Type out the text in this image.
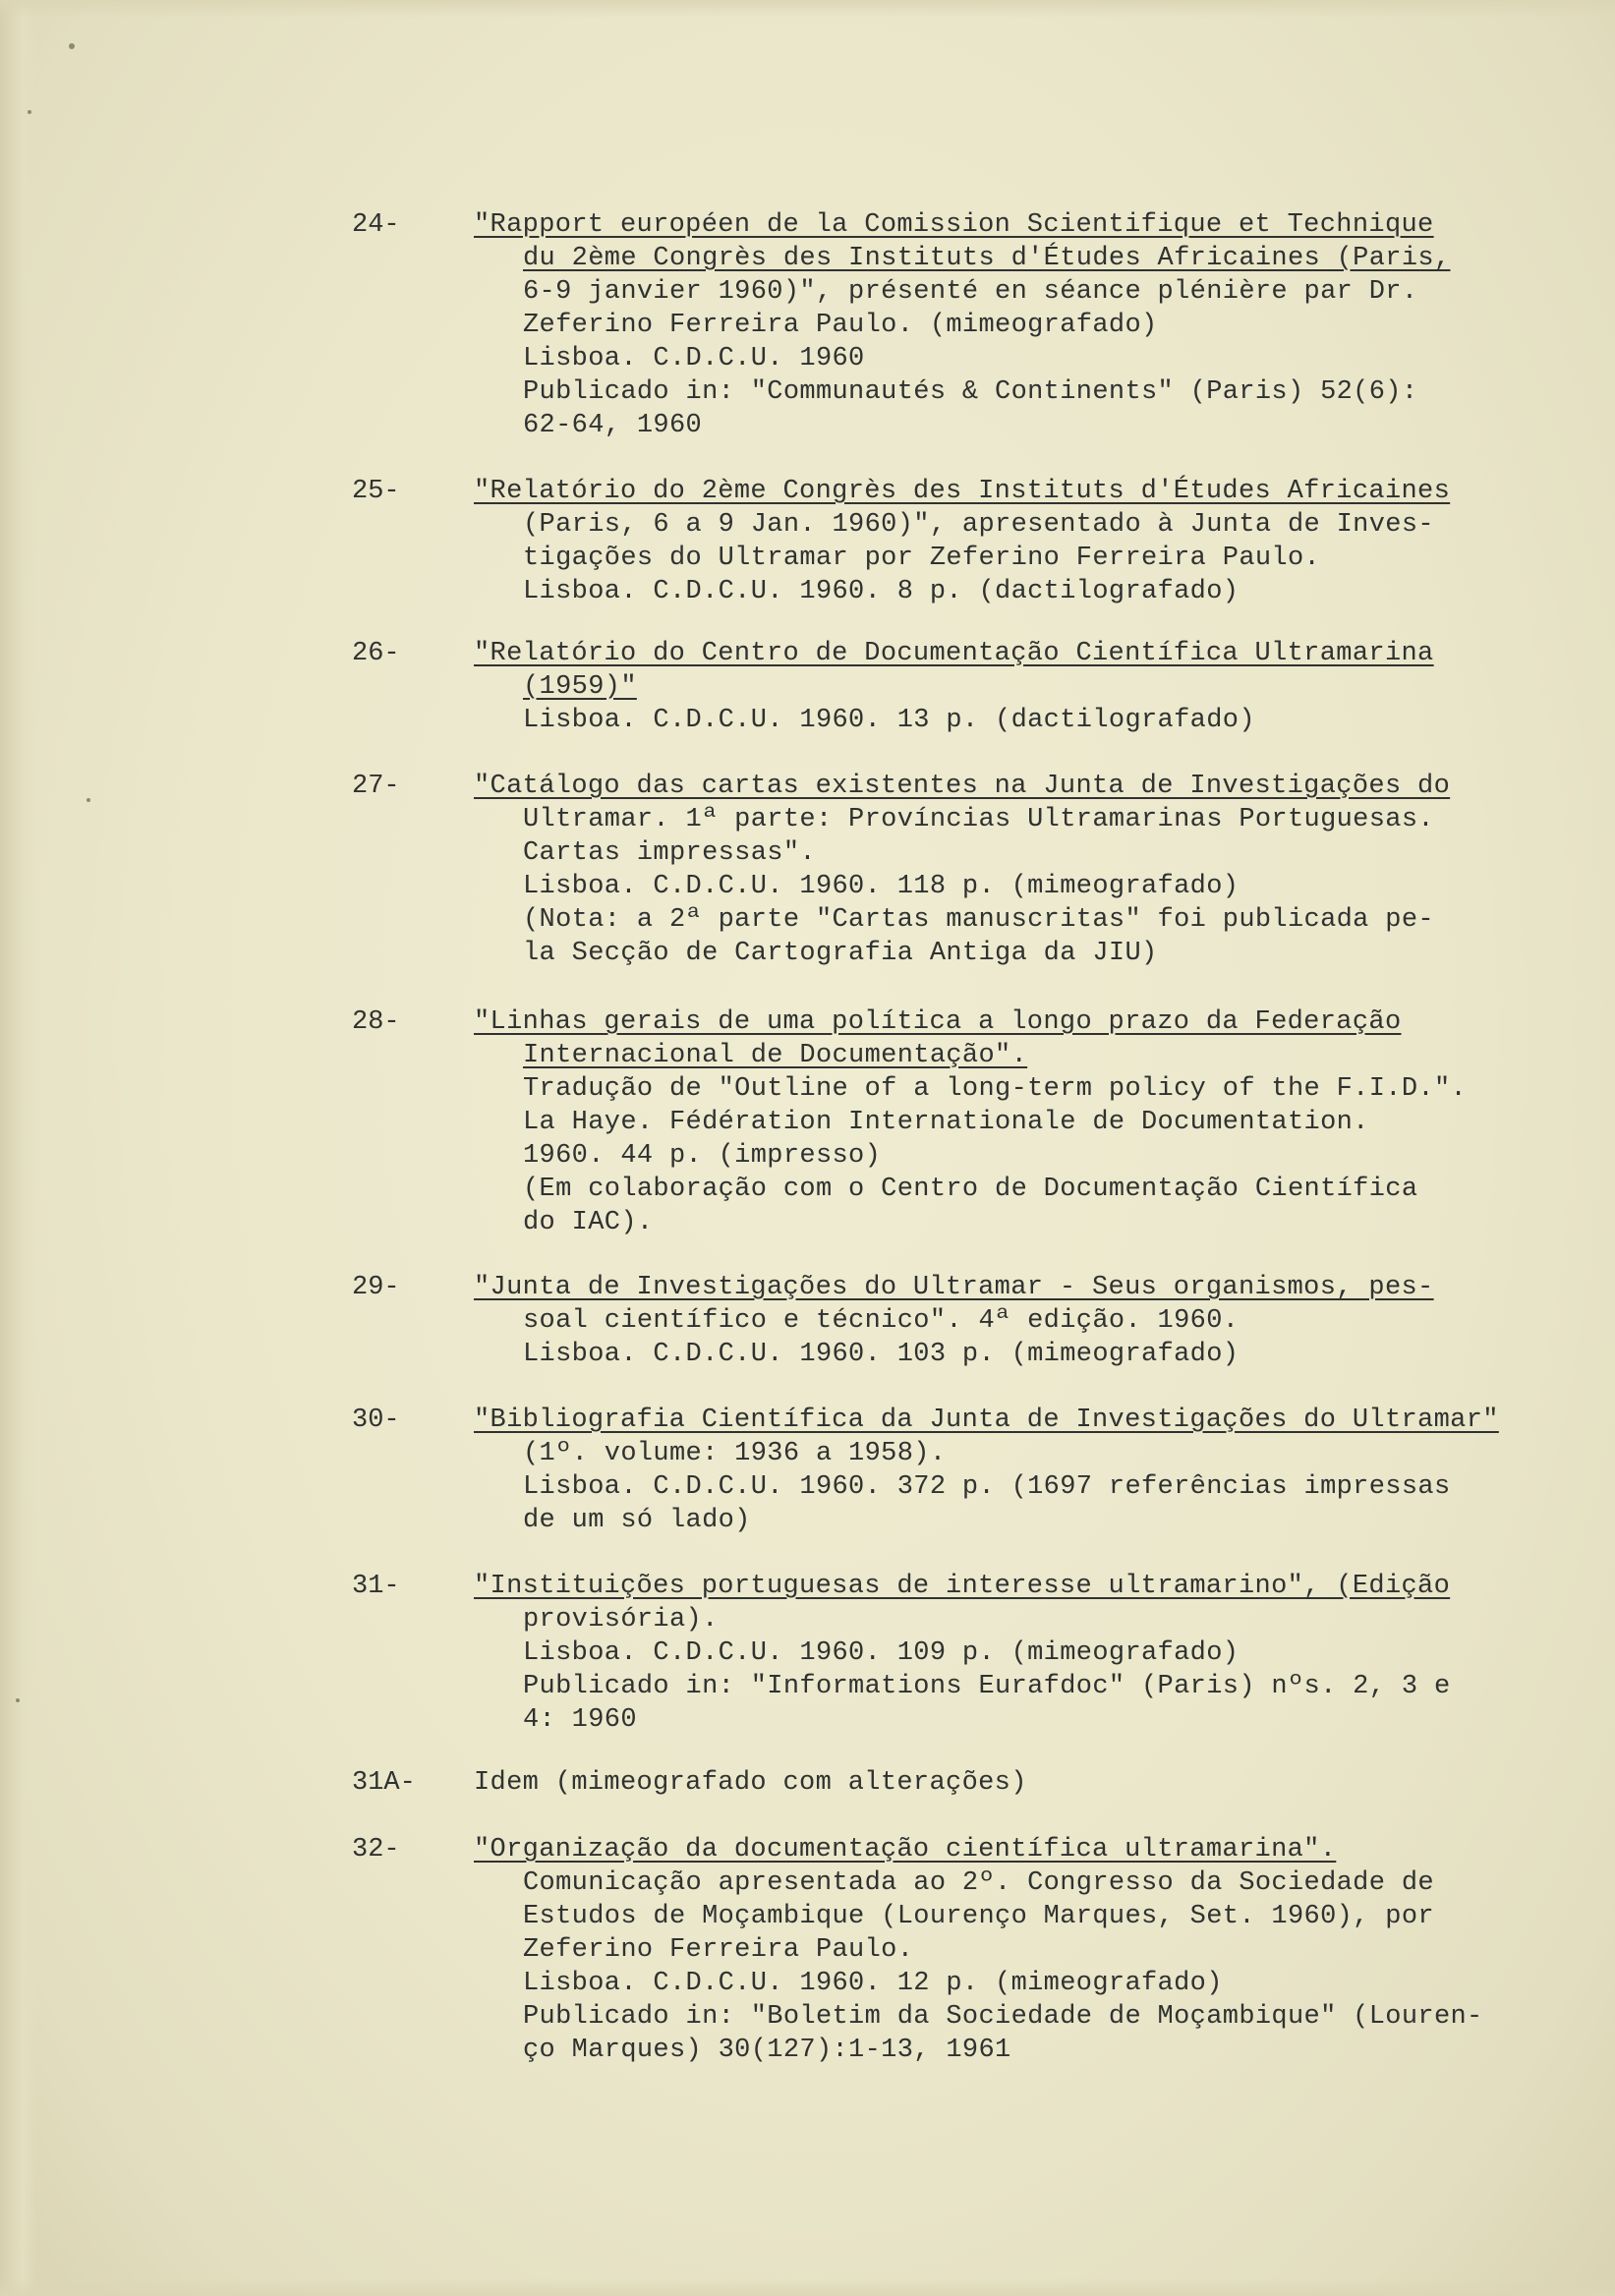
24-	"Rapport européen de la Comission Scientifique et Technique
du 2ème Congrès des Instituts d'Études Africaines (Paris,
6-9 janvier 1960)", présenté en séance plénière par Dr.
Zeferino Ferreira Paulo. (mimeografado)
Lisboa. C.D.C.U. 1960
Publicado in: "Communautés & Continents" (Paris) 52(6):
62-64, 1960
25-	"Relatório do 2ème Congrès des Instituts d'Études Africaines
(Paris, 6 a 9 Jan. 1960)", apresentado à Junta de Inves-
tigações do Ultramar por Zeferino Ferreira Paulo.
Lisboa. C.D.C.U. 1960. 8 p. (dactilografado)
26-	"Relatório do Centro de Documentação Científica Ultramarina
(1959)"
Lisboa. C.D.C.U. 1960. 13 p. (dactilografado)
27-	"Catálogo das cartas existentes na Junta de Investigações do
Ultramar. 1ª parte: Províncias Ultramarinas Portuguesas.
Cartas impressas".
Lisboa. C.D.C.U. 1960. 118 p. (mimeografado)
(Nota: a 2ª parte "Cartas manuscritas" foi publicada pe-
la Secção de Cartografia Antiga da JIU)
28-	"Linhas gerais de uma política a longo prazo da Federação
Internacional de Documentação".
Tradução de "Outline of a long-term policy of the F.I.D.".
La Haye. Fédération Internationale de Documentation.
1960. 44 p. (impresso)
(Em colaboração com o Centro de Documentação Científica
do IAC).
29-	"Junta de Investigações do Ultramar - Seus organismos, pes-
soal científico e técnico". 4ª edição. 1960.
Lisboa. C.D.C.U. 1960. 103 p. (mimeografado)
30-	"Bibliografia Científica da Junta de Investigações do Ultramar"
(1º. volume: 1936 a 1958).
Lisboa. C.D.C.U. 1960. 372 p. (1697 referências impressas
de um só lado)
31-	"Instituições portuguesas de interesse ultramarino", (Edição
provisória).
Lisboa. C.D.C.U. 1960. 109 p. (mimeografado)
Publicado in: "Informations Eurafdoc" (Paris) nºs. 2, 3 e
4: 1960
31A- Idem (mimeografado com alterações)
32-	"Organização da documentação científica ultramarina".
Comunicação apresentada ao 2º. Congresso da Sociedade de
Estudos de Moçambique (Lourenço Marques, Set. 1960), por
Zeferino Ferreira Paulo.
Lisboa. C.D.C.U. 1960. 12 p. (mimeografado)
Publicado in: "Boletim da Sociedade de Moçambique" (Louren-
ço Marques) 30(127):1-13, 1961
